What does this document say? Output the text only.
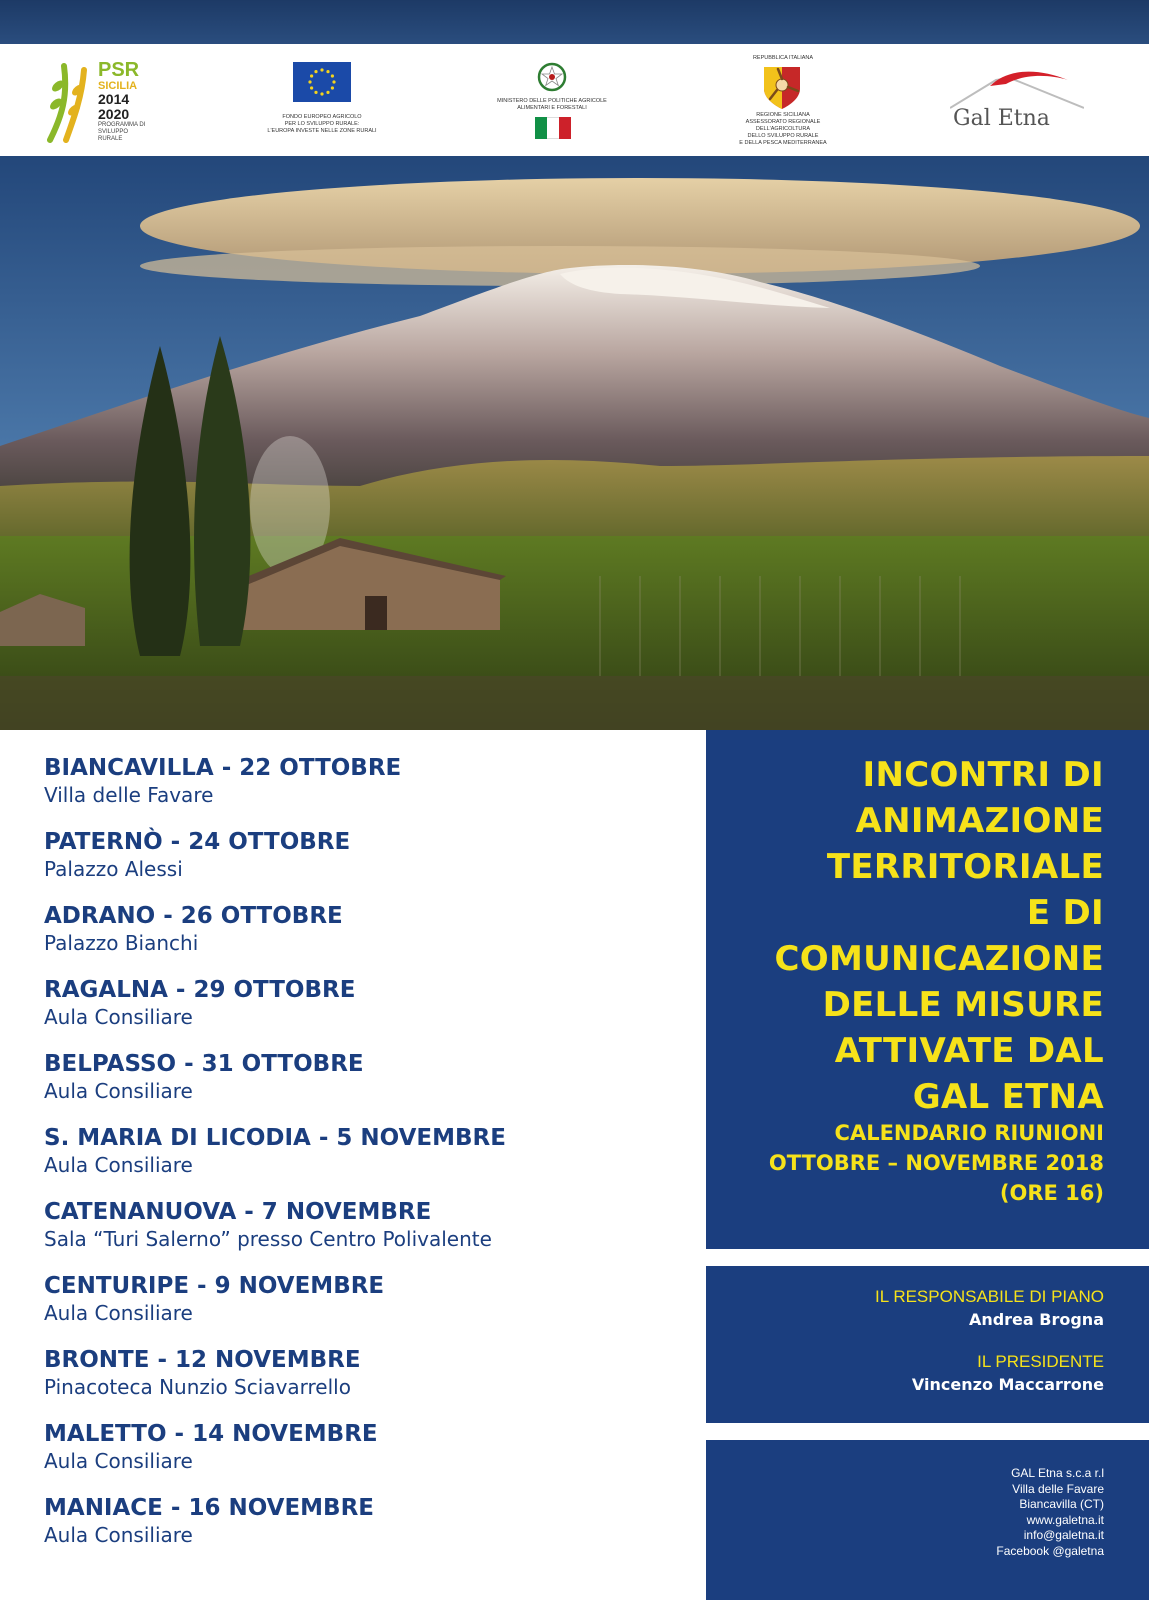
PSR
SICILIA
2014
2020
PROGRAMMA DI SVILUPPO RURALE
FONDO EUROPEO AGRICOLO
PER LO SVILUPPO RURALE:
L'EUROPA INVESTE NELLE ZONE RURALI
MINISTERO DELLE POLITICHE AGRICOLE
ALIMENTARI E FORESTALI
REPUBBLICA ITALIANA
REGIONE SICILIANA
ASSESSORATO REGIONALE
DELL'AGRICOLTURA
DELLO SVILUPPO RURALE
E DELLA PESCA MEDITERRANEA
Gal Etna
BIANCAVILLA - 22 OTTOBRE
Villa delle Favare
PATERNÒ - 24 OTTOBRE
Palazzo Alessi
ADRANO - 26 OTTOBRE
Palazzo Bianchi
RAGALNA - 29 OTTOBRE
Aula Consiliare
BELPASSO - 31 OTTOBRE
Aula Consiliare
S. MARIA DI LICODIA - 5 NOVEMBRE
Aula Consiliare
CATENANUOVA - 7 NOVEMBRE
Sala “Turi Salerno” presso Centro Polivalente
CENTURIPE - 9 NOVEMBRE
Aula Consiliare
BRONTE - 12 NOVEMBRE
Pinacoteca Nunzio Sciavarrello
MALETTO - 14 NOVEMBRE
Aula Consiliare
MANIACE - 16 NOVEMBRE
Aula Consiliare
INCONTRI DI
ANIMAZIONE
TERRITORIALE
E DI
COMUNICAZIONE
DELLE MISURE
ATTIVATE DAL
GAL ETNA
CALENDARIO RIUNIONI
OTTOBRE – NOVEMBRE 2018
(ORE 16)
IL RESPONSABILE DI PIANO
Andrea Brogna
IL PRESIDENTE
Vincenzo Maccarrone
GAL Etna s.c.a r.l
Villa delle Favare
Biancavilla (CT)
www.galetna.it
info@galetna.it
Facebook @galetna
